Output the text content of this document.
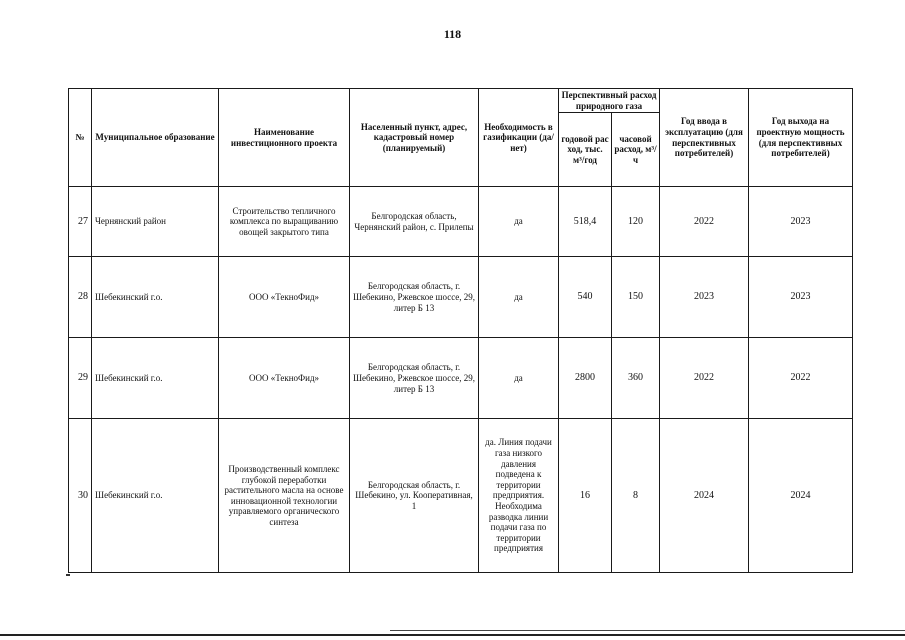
118
№	Муниципальное образование	Наименование инвестиционного проекта	Населенный пункт, адрес, кадастровый номер (планируемый)	Необходимость в газификации (да/нет)	Перспективный расход природного газа		Год ввода в эксплуатацию (для перспективных потребителей)	Год выхода на проектную мощность (для перспективных потребителей)
					годовой рас ход, тыс. м³/год	часовой расход, м³/ч		
27	Чернянский район	Строительство тепличного комплекса по выращиванию овощей закрытого типа	Белгородская область, Чернянский район, с. Прилепы	да	518,4	120	2022	2023
28	Шебекинский г.о.	ООО «ТекноФид»	Белгородская область, г. Шебекино, Ржевское шоссе, 29, литер Б 13	да	540	150	2023	2023
29	Шебекинский г.о.	ООО «ТекноФид»	Белгородская область, г. Шебекино, Ржевское шоссе, 29, литер Б 13	да	2800	360	2022	2022
30	Шебекинский г.о.	Производственный комплекс глубокой переработки растительного масла на основе инновационной технологии управляемого органического синтеза	Белгородская область, г. Шебекино, ул. Кооперативная, 1	да. Линия подачи газа низкого давления подведена к территории предприятия. Необходима разводка линии подачи газа по территории предприятия	16	8	2024	2024
